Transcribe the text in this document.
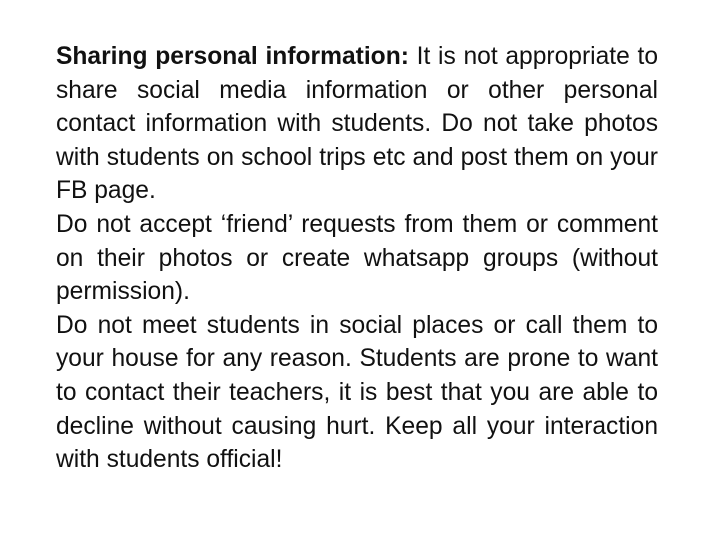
Sharing personal information: It is not appropriate to share social media information or other personal contact information with students. Do not take photos with students on school trips etc and post them on your FB page.

Do not accept ‘friend’ requests from them or comment on their photos or create whatsapp groups (without permission).

Do not meet students in social places or call them to your house for any reason. Students are prone to want to contact their teachers, it is best that you are able to decline without causing hurt. Keep all your interaction with students official!
